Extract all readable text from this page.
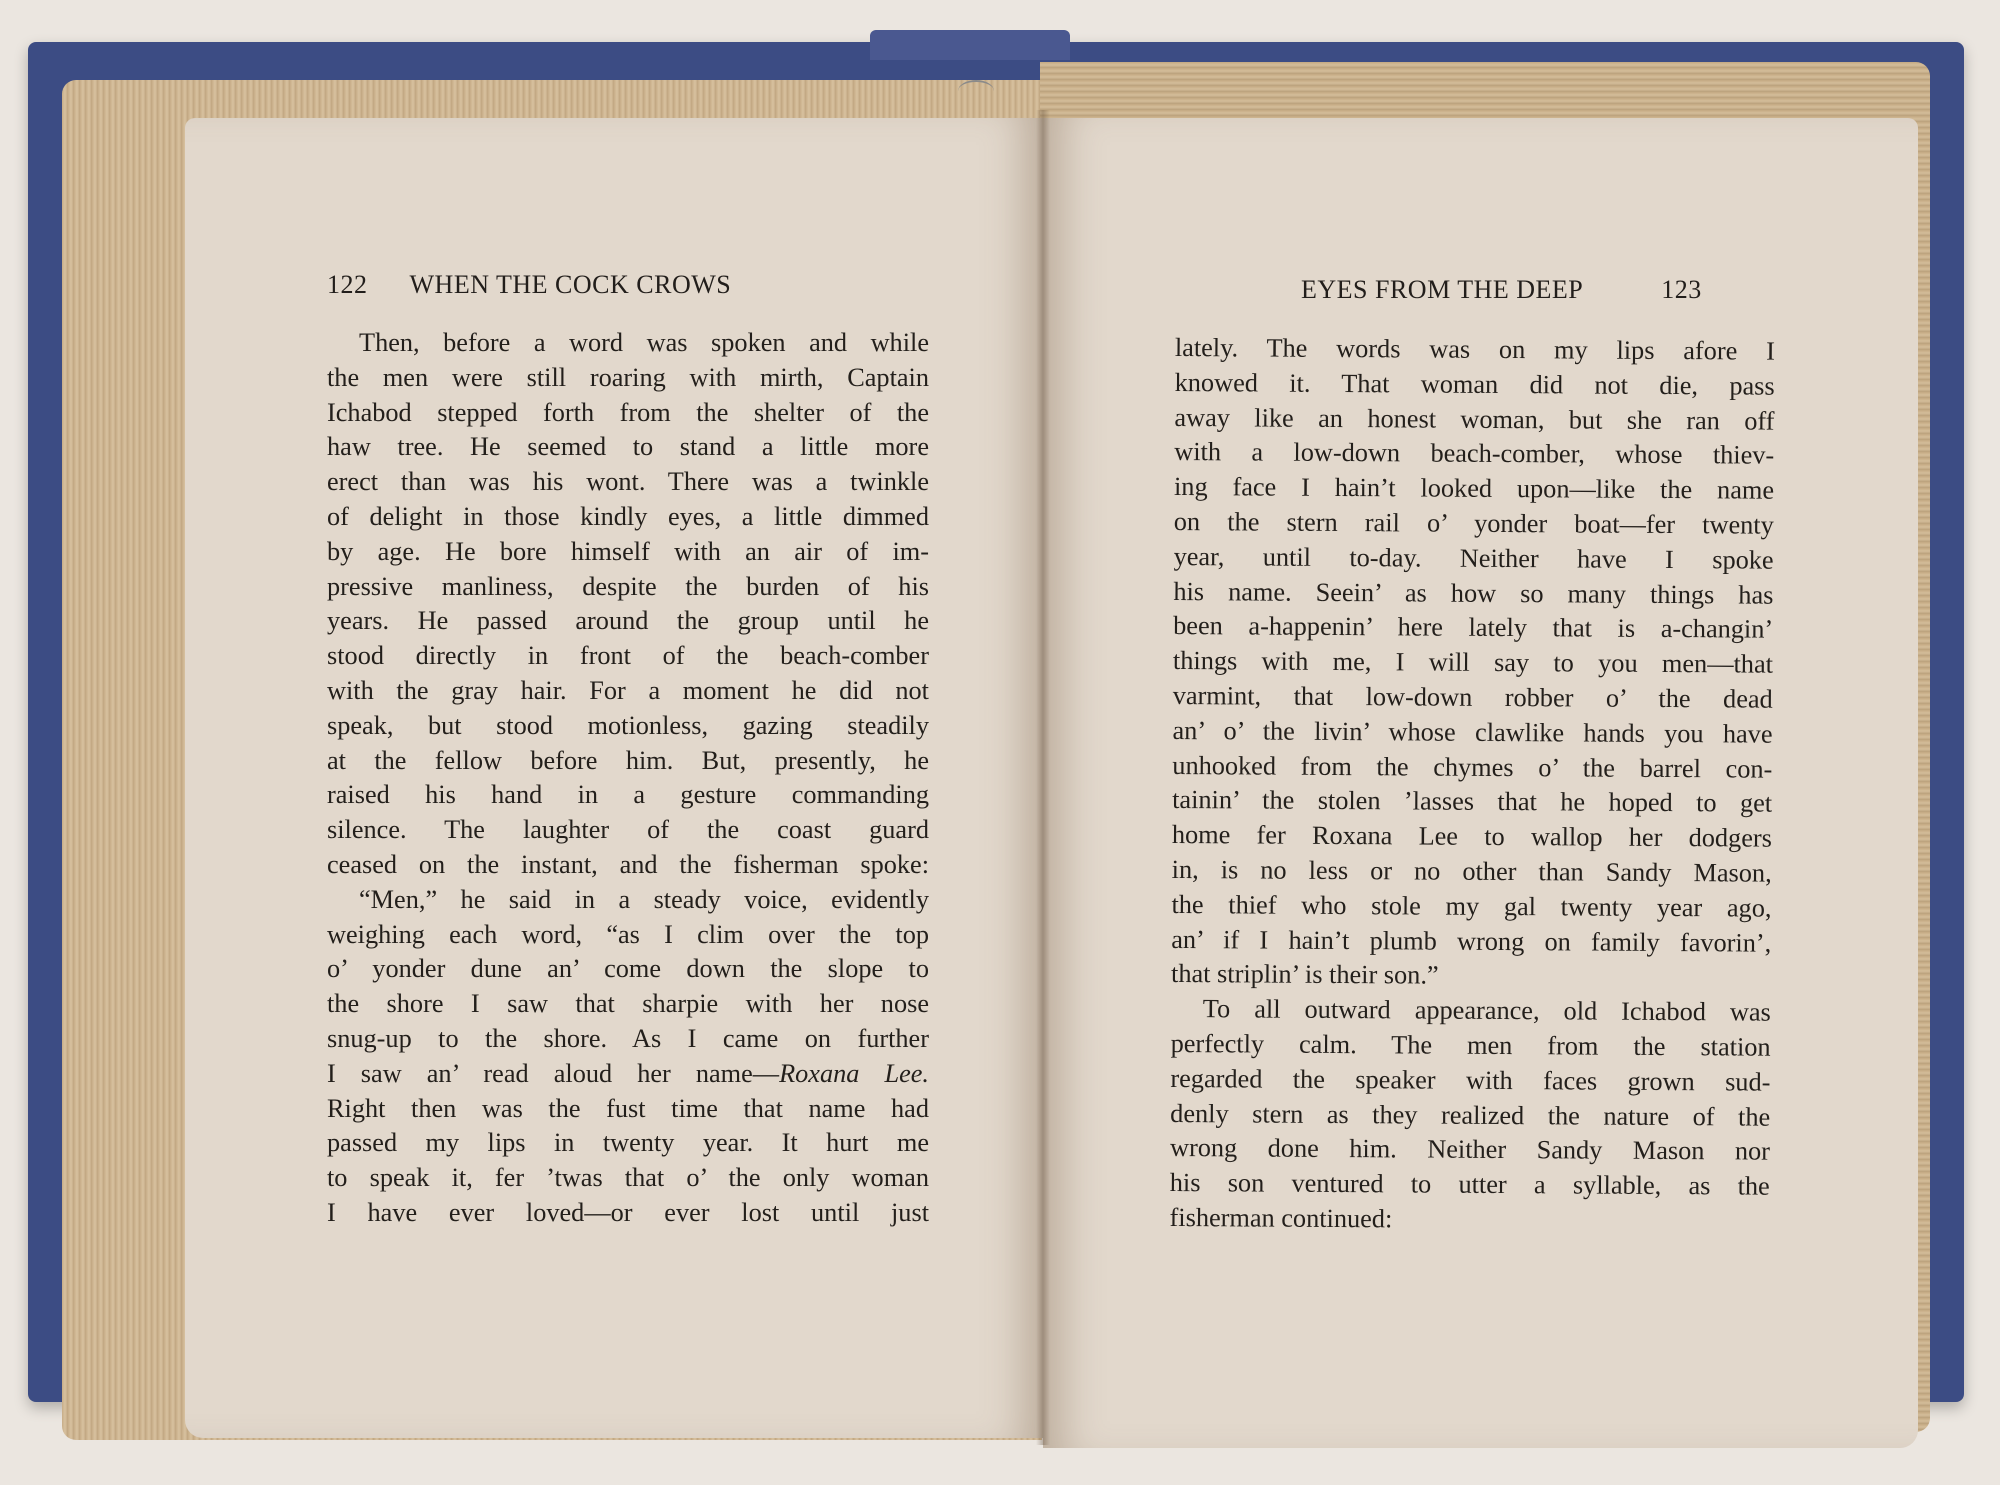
122 WHEN THE COCK CROWS
Then, before a word was spoken and while
the men were still roaring with mirth, Captain
Ichabod stepped forth from the shelter of the
haw tree. He seemed to stand a little more
erect than was his wont. There was a twinkle
of delight in those kindly eyes, a little dimmed
by age. He bore himself with an air of im-
pressive manliness, despite the burden of his
years. He passed around the group until he
stood directly in front of the beach-comber
with the gray hair. For a moment he did not
speak, but stood motionless, gazing steadily
at the fellow before him. But, presently, he
raised his hand in a gesture commanding
silence. The laughter of the coast guard
ceased on the instant, and the fisherman spoke:
“Men,” he said in a steady voice, evidently
weighing each word, “as I clim over the top
o’ yonder dune an’ come down the slope to
the shore I saw that sharpie with her nose
snug-up to the shore. As I came on further
I saw an’ read aloud her name—Roxana Lee.
Right then was the fust time that name had
passed my lips in twenty year. It hurt me
to speak it, fer ’twas that o’ the only woman
I have ever loved—or ever lost until just
EYES FROM THE DEEP	123
lately. The words was on my lips afore I
knowed it. That woman did not die, pass
away like an honest woman, but she ran off
with a low-down beach-comber, whose thiev-
ing face I hain’t looked upon—like the name
on the stern rail o’ yonder boat—fer twenty
year, until to-day. Neither have I spoke
his name. Seein’ as how so many things has
been a-happenin’ here lately that is a-changin’
things with me, I will say to you men—that
varmint, that low-down robber o’ the dead
an’ o’ the livin’ whose clawlike hands you have
unhooked from the chymes o’ the barrel con-
tainin’ the stolen ’lasses that he hoped to get
home fer Roxana Lee to wallop her dodgers
in, is no less or no other than Sandy Mason,
the thief who stole my gal twenty year ago,
an’ if I hain’t plumb wrong on family favorin’,
that striplin’ is their son.”
To all outward appearance, old Ichabod was
perfectly calm. The men from the station
regarded the speaker with faces grown sud-
denly stern as they realized the nature of the
wrong done him. Neither Sandy Mason nor
his son ventured to utter a syllable, as the
fisherman continued:
